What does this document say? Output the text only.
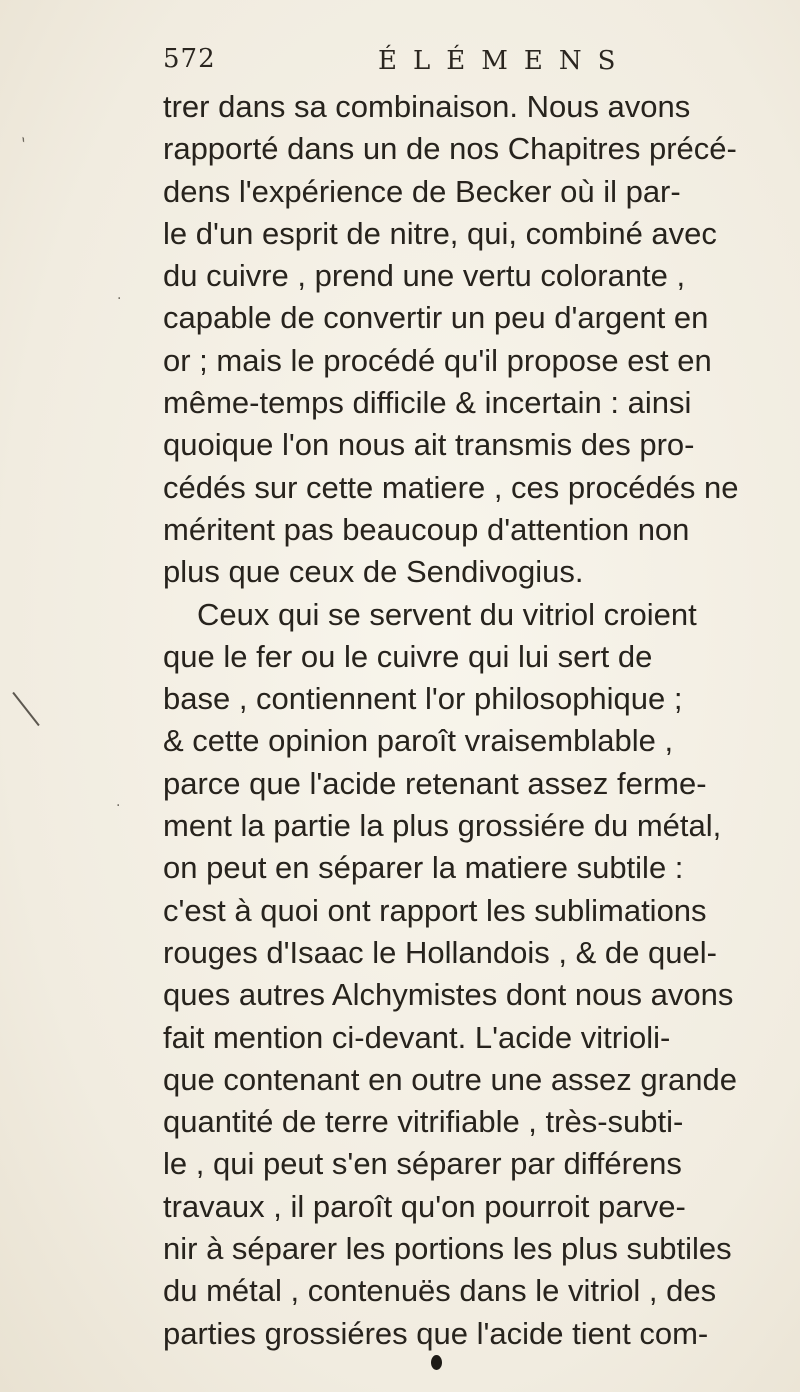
572	ÉLÉMENS
trer dans sa combinaison. Nous avons
rapporté dans un de nos Chapitres précé-
dens l'expérience de Becker où il par-
le d'un esprit de nitre, qui, combiné avec
du cuivre , prend une vertu colorante ,
capable de convertir un peu d'argent en
or ; mais le procédé qu'il propose est en
même-temps difficile & incertain : ainsi
quoique l'on nous ait transmis des pro-
cédés sur cette matiere , ces procédés ne
méritent pas beaucoup d'attention non
plus que ceux de Sendivogius.
Ceux qui se servent du vitriol croient
que le fer ou le cuivre qui lui sert de
base , contiennent l'or philosophique ;
& cette opinion paroît vraisemblable ,
parce que l'acide retenant assez ferme-
ment la partie la plus grossiére du métal,
on peut en séparer la matiere subtile :
c'est à quoi ont rapport les sublimations
rouges d'Isaac le Hollandois , & de quel-
ques autres Alchymistes dont nous avons
fait mention ci-devant. L'acide vitrioli-
que contenant en outre une assez grande
quantité de terre vitrifiable , très-subti-
le , qui peut s'en séparer par différens
travaux , il paroît qu'on pourroit parve-
nir à séparer les portions les plus subtiles
du métal , contenuës dans le vitriol , des
parties grossiéres que l'acide tient com-
ˋ
·
·
